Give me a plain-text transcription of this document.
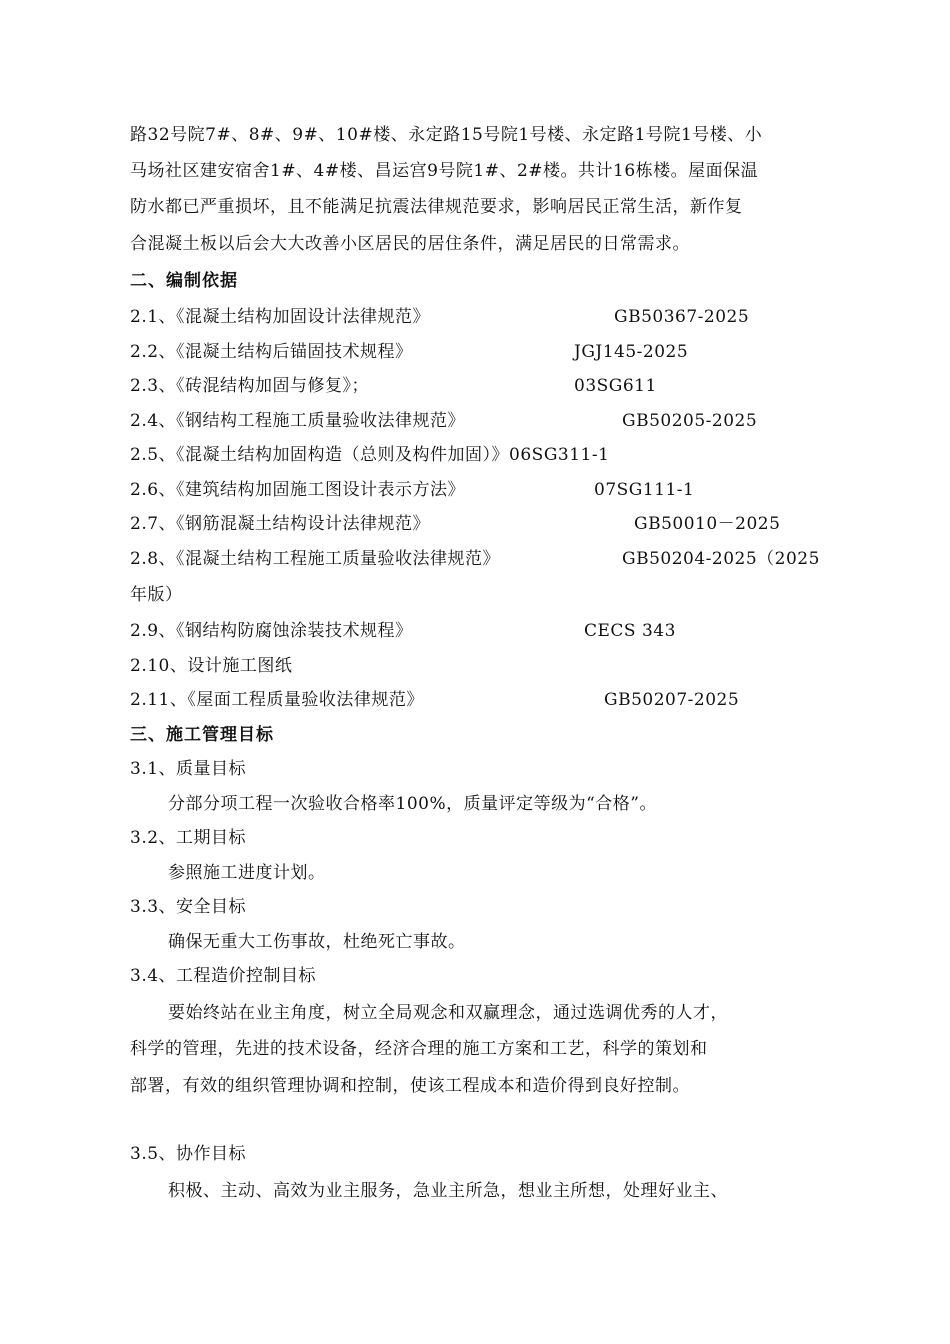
路32号院7#、8#、9#、10#楼、永定路15号院1号楼、永定路1号院1号楼、小
马场社区建安宿舍1#、4#楼、昌运宫9号院1#、2#楼。共计16栋楼。屋面保温
防水都已严重损坏，且不能满足抗震法律规范要求，影响居民正常生活，新作复
合混凝土板以后会大大改善小区居民的居住条件，满足居民的日常需求。
二、编制依据
2.1、《混凝土结构加固设计法律规范》	GB50367-2025
2.2、《混凝土结构后锚固技术规程》	JGJ145-2025
2.3、《砖混结构加固与修复》；	03SG611
2.4、《钢结构工程施工质量验收法律规范》	GB50205-2025
2.5、《混凝土结构加固构造（总则及构件加固）》06SG311-1
2.6、《建筑结构加固施工图设计表示方法》	07SG111-1
2.7、《钢筋混凝土结构设计法律规范》	GB50010－2025
2.8、《混凝土结构工程施工质量验收法律规范》	GB50204-2025（2025
年版）
2.9、《钢结构防腐蚀涂装技术规程》	CECS 343
2.10、设计施工图纸
2.11、《屋面工程质量验收法律规范》	GB50207-2025
三、施工管理目标
3.1、质量目标
分部分项工程一次验收合格率100%，质量评定等级为“合格”。
3.2、工期目标
参照施工进度计划。
3.3、安全目标
确保无重大工伤事故，杜绝死亡事故。
3.4、工程造价控制目标
要始终站在业主角度，树立全局观念和双赢理念，通过选调优秀的人才，
科学的管理，先进的技术设备，经济合理的施工方案和工艺，科学的策划和
部署，有效的组织管理协调和控制，使该工程成本和造价得到良好控制。
3.5、协作目标
积极、主动、高效为业主服务，急业主所急，想业主所想，处理好业主、
